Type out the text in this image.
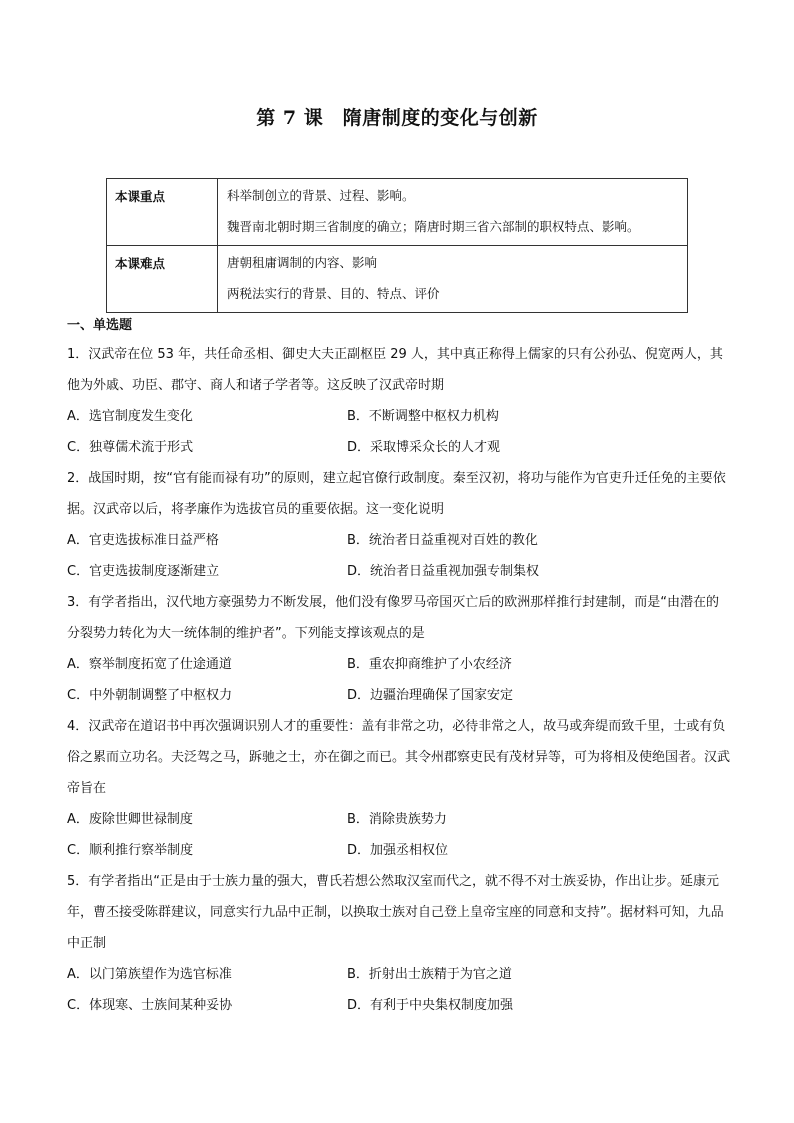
第 7 课　隋唐制度的变化与创新
本课重点	科举制创立的背景、过程、影响。
魏晋南北朝时期三省制度的确立；隋唐时期三省六部制的职权特点、影响。

本课难点	唐朝租庸调制的内容、影响
两税法实行的背景、目的、特点、评价
一、单选题
1．汉武帝在位 53 年，共任命丞相、御史大夫正副枢臣 29 人，其中真正称得上儒家的只有公孙弘、倪宽两人，其他为外戚、功臣、郡守、商人和诸子学者等。这反映了汉武帝时期
A．选官制度发生变化	B．不断调整中枢权力机构
C．独尊儒术流于形式	D．采取博采众长的人才观
2．战国时期，按“官有能而禄有功”的原则，建立起官僚行政制度。秦至汉初，将功与能作为官吏升迁任免的主要依据。汉武帝以后，将孝廉作为选拔官员的重要依据。这一变化说明
A．官吏选拔标准日益严格	B．统治者日益重视对百姓的教化
C．官吏选拔制度逐渐建立	D．统治者日益重视加强专制集权
3．有学者指出，汉代地方豪强势力不断发展，他们没有像罗马帝国灭亡后的欧洲那样推行封建制，而是“由潜在的分裂势力转化为大一统体制的维护者”。下列能支撑该观点的是
A．察举制度拓宽了仕途通道	B．重农抑商维护了小农经济
C．中外朝制调整了中枢权力	D．边疆治理确保了国家安定
4．汉武帝在道诏书中再次强调识别人才的重要性：盖有非常之功，必待非常之人，故马或奔缇而致千里，士或有负俗之累而立功名。夫泛驾之马，跅驰之士，亦在御之而已。其令州郡察吏民有茂材异等，可为将相及使绝国者。汉武帝旨在
A．废除世卿世禄制度	B．消除贵族势力
C．顺利推行察举制度	D．加强丞相权位
5．有学者指出“正是由于士族力量的强大，曹氏若想公然取汉室而代之，就不得不对士族妥协，作出让步。延康元年，曹丕接受陈群建议，同意实行九品中正制，以换取士族对自己登上皇帝宝座的同意和支持”。据材料可知，九品中正制
A．以门第族望作为选官标准	B．折射出士族精于为官之道
C．体现寒、士族间某种妥协	D．有利于中央集权制度加强
